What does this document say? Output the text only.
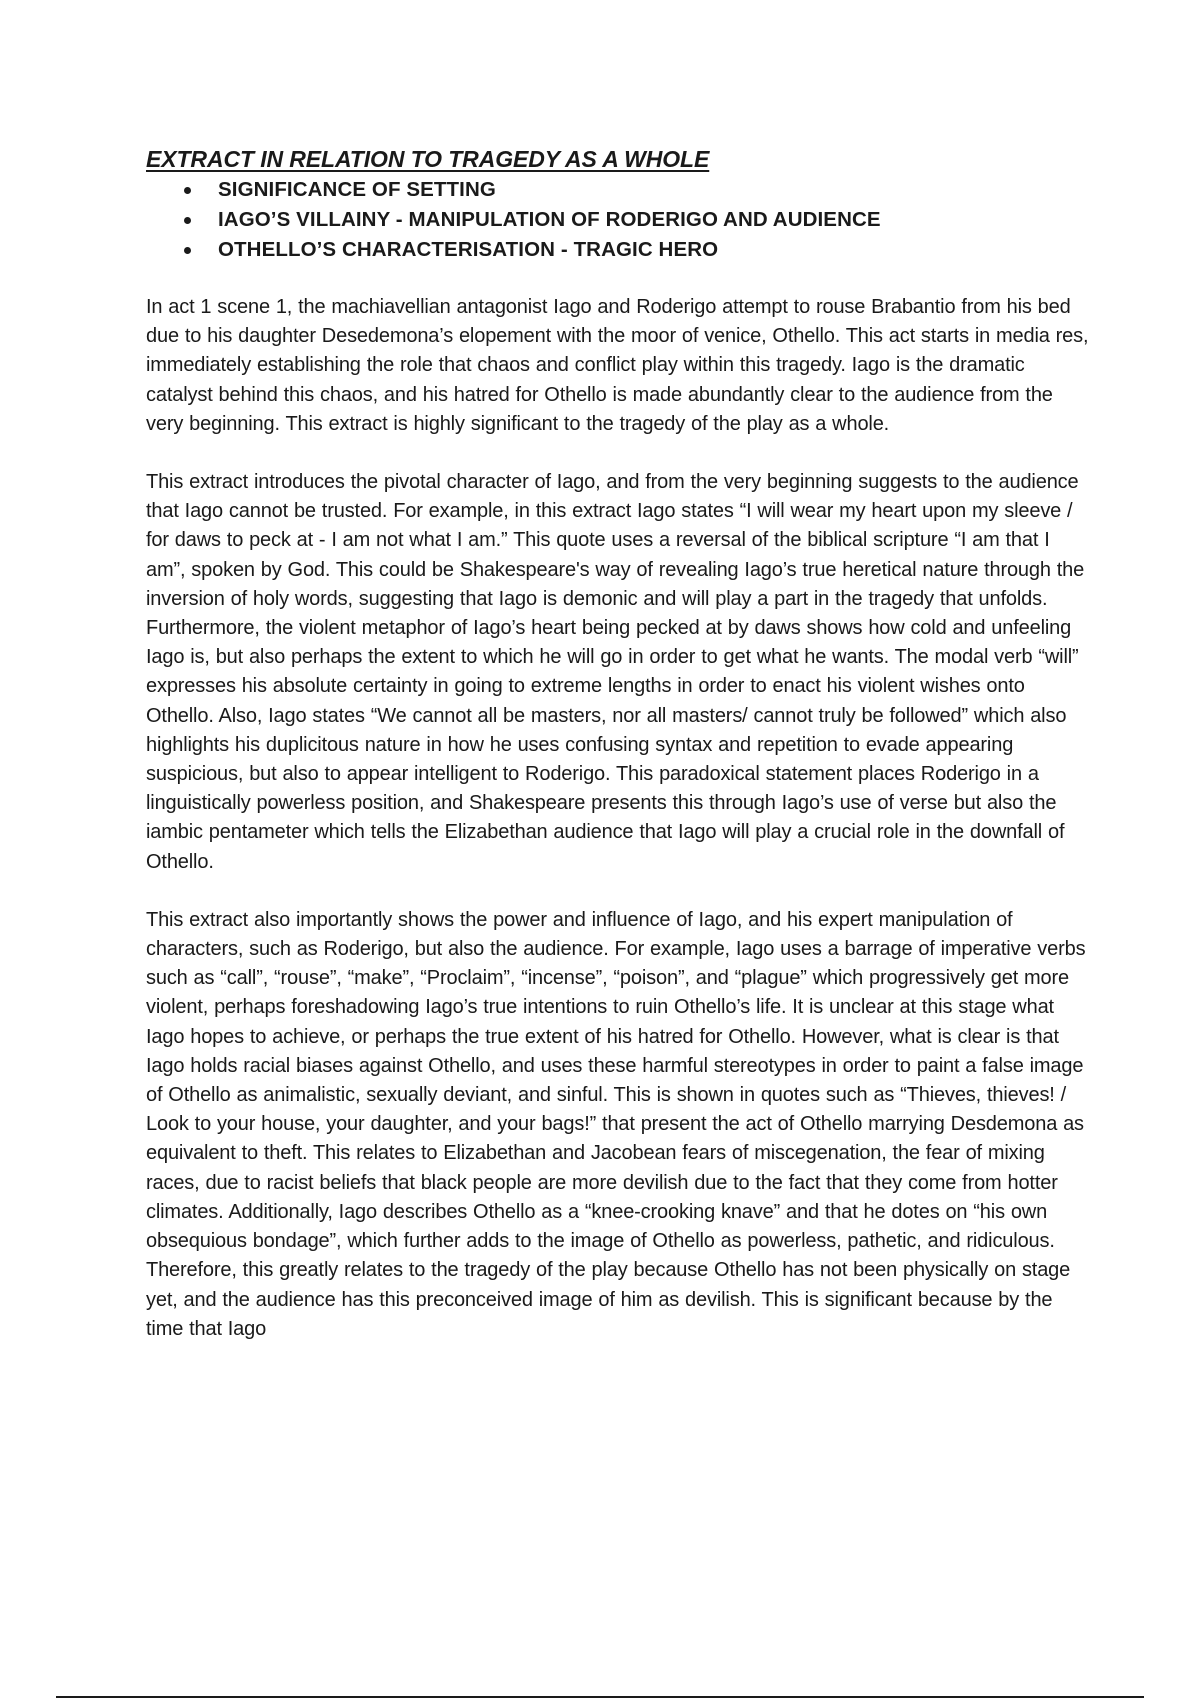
EXTRACT IN RELATION TO TRAGEDY AS A WHOLE
SIGNIFICANCE OF SETTING
IAGO’S VILLAINY - MANIPULATION OF RODERIGO AND AUDIENCE
OTHELLO’S CHARACTERISATION - TRAGIC HERO

In act 1 scene 1, the machiavellian antagonist Iago and Roderigo attempt to rouse Brabantio from his bed due to his daughter Desedemona’s elopement with the moor of venice, Othello. This act starts in media res, immediately establishing the role that chaos and conflict play within this tragedy. Iago is the dramatic catalyst behind this chaos, and his hatred for Othello is made abundantly clear to the audience from the very beginning. This extract is highly significant to the tragedy of the play as a whole.

This extract introduces the pivotal character of Iago, and from the very beginning suggests to the audience that Iago cannot be trusted. For example, in this extract Iago states “I will wear my heart upon my sleeve / for daws to peck at - I am not what I am.” This quote uses a reversal of the biblical scripture “I am that I am”, spoken by God. This could be Shakespeare's way of revealing Iago’s true heretical nature through the inversion of holy words, suggesting that Iago is demonic and will play a part in the tragedy that unfolds. Furthermore, the violent metaphor of Iago’s heart being pecked at by daws shows how cold and unfeeling Iago is, but also perhaps the extent to which he will go in order to get what he wants. The modal verb “will” expresses his absolute certainty in going to extreme lengths in order to enact his violent wishes onto Othello. Also, Iago states “We cannot all be masters, nor all masters/ cannot truly be followed” which also highlights his duplicitous nature in how he uses confusing syntax and repetition to evade appearing suspicious, but also to appear intelligent to Roderigo. This paradoxical statement places Roderigo in a linguistically powerless position, and Shakespeare presents this through Iago’s use of verse but also the iambic pentameter which tells the Elizabethan audience that Iago will play a crucial role in the downfall of Othello.

This extract also importantly shows the power and influence of Iago, and his expert manipulation of characters, such as Roderigo, but also the audience. For example, Iago uses a barrage of imperative verbs such as “call”, “rouse”, “make”, “Proclaim”, “incense”, “poison”, and “plague” which progressively get more violent, perhaps foreshadowing Iago’s true intentions to ruin Othello’s life. It is unclear at this stage what Iago hopes to achieve, or perhaps the true extent of his hatred for Othello. However, what is clear is that Iago holds racial biases against Othello, and uses these harmful stereotypes in order to paint a false image of Othello as animalistic, sexually deviant, and sinful. This is shown in quotes such as “Thieves, thieves! / Look to your house, your daughter, and your bags!” that present the act of Othello marrying Desdemona as equivalent to theft. This relates to Elizabethan and Jacobean fears of miscegenation, the fear of mixing races, due to racist beliefs that black people are more devilish due to the fact that they come from hotter climates. Additionally, Iago describes Othello as a “knee-crooking knave” and that he dotes on “his own obsequious bondage”, which further adds to the image of Othello as powerless, pathetic, and ridiculous. Therefore, this greatly relates to the tragedy of the play because Othello has not been physically on stage yet, and the audience has this preconceived image of him as devilish. This is significant because by the time that Iago
